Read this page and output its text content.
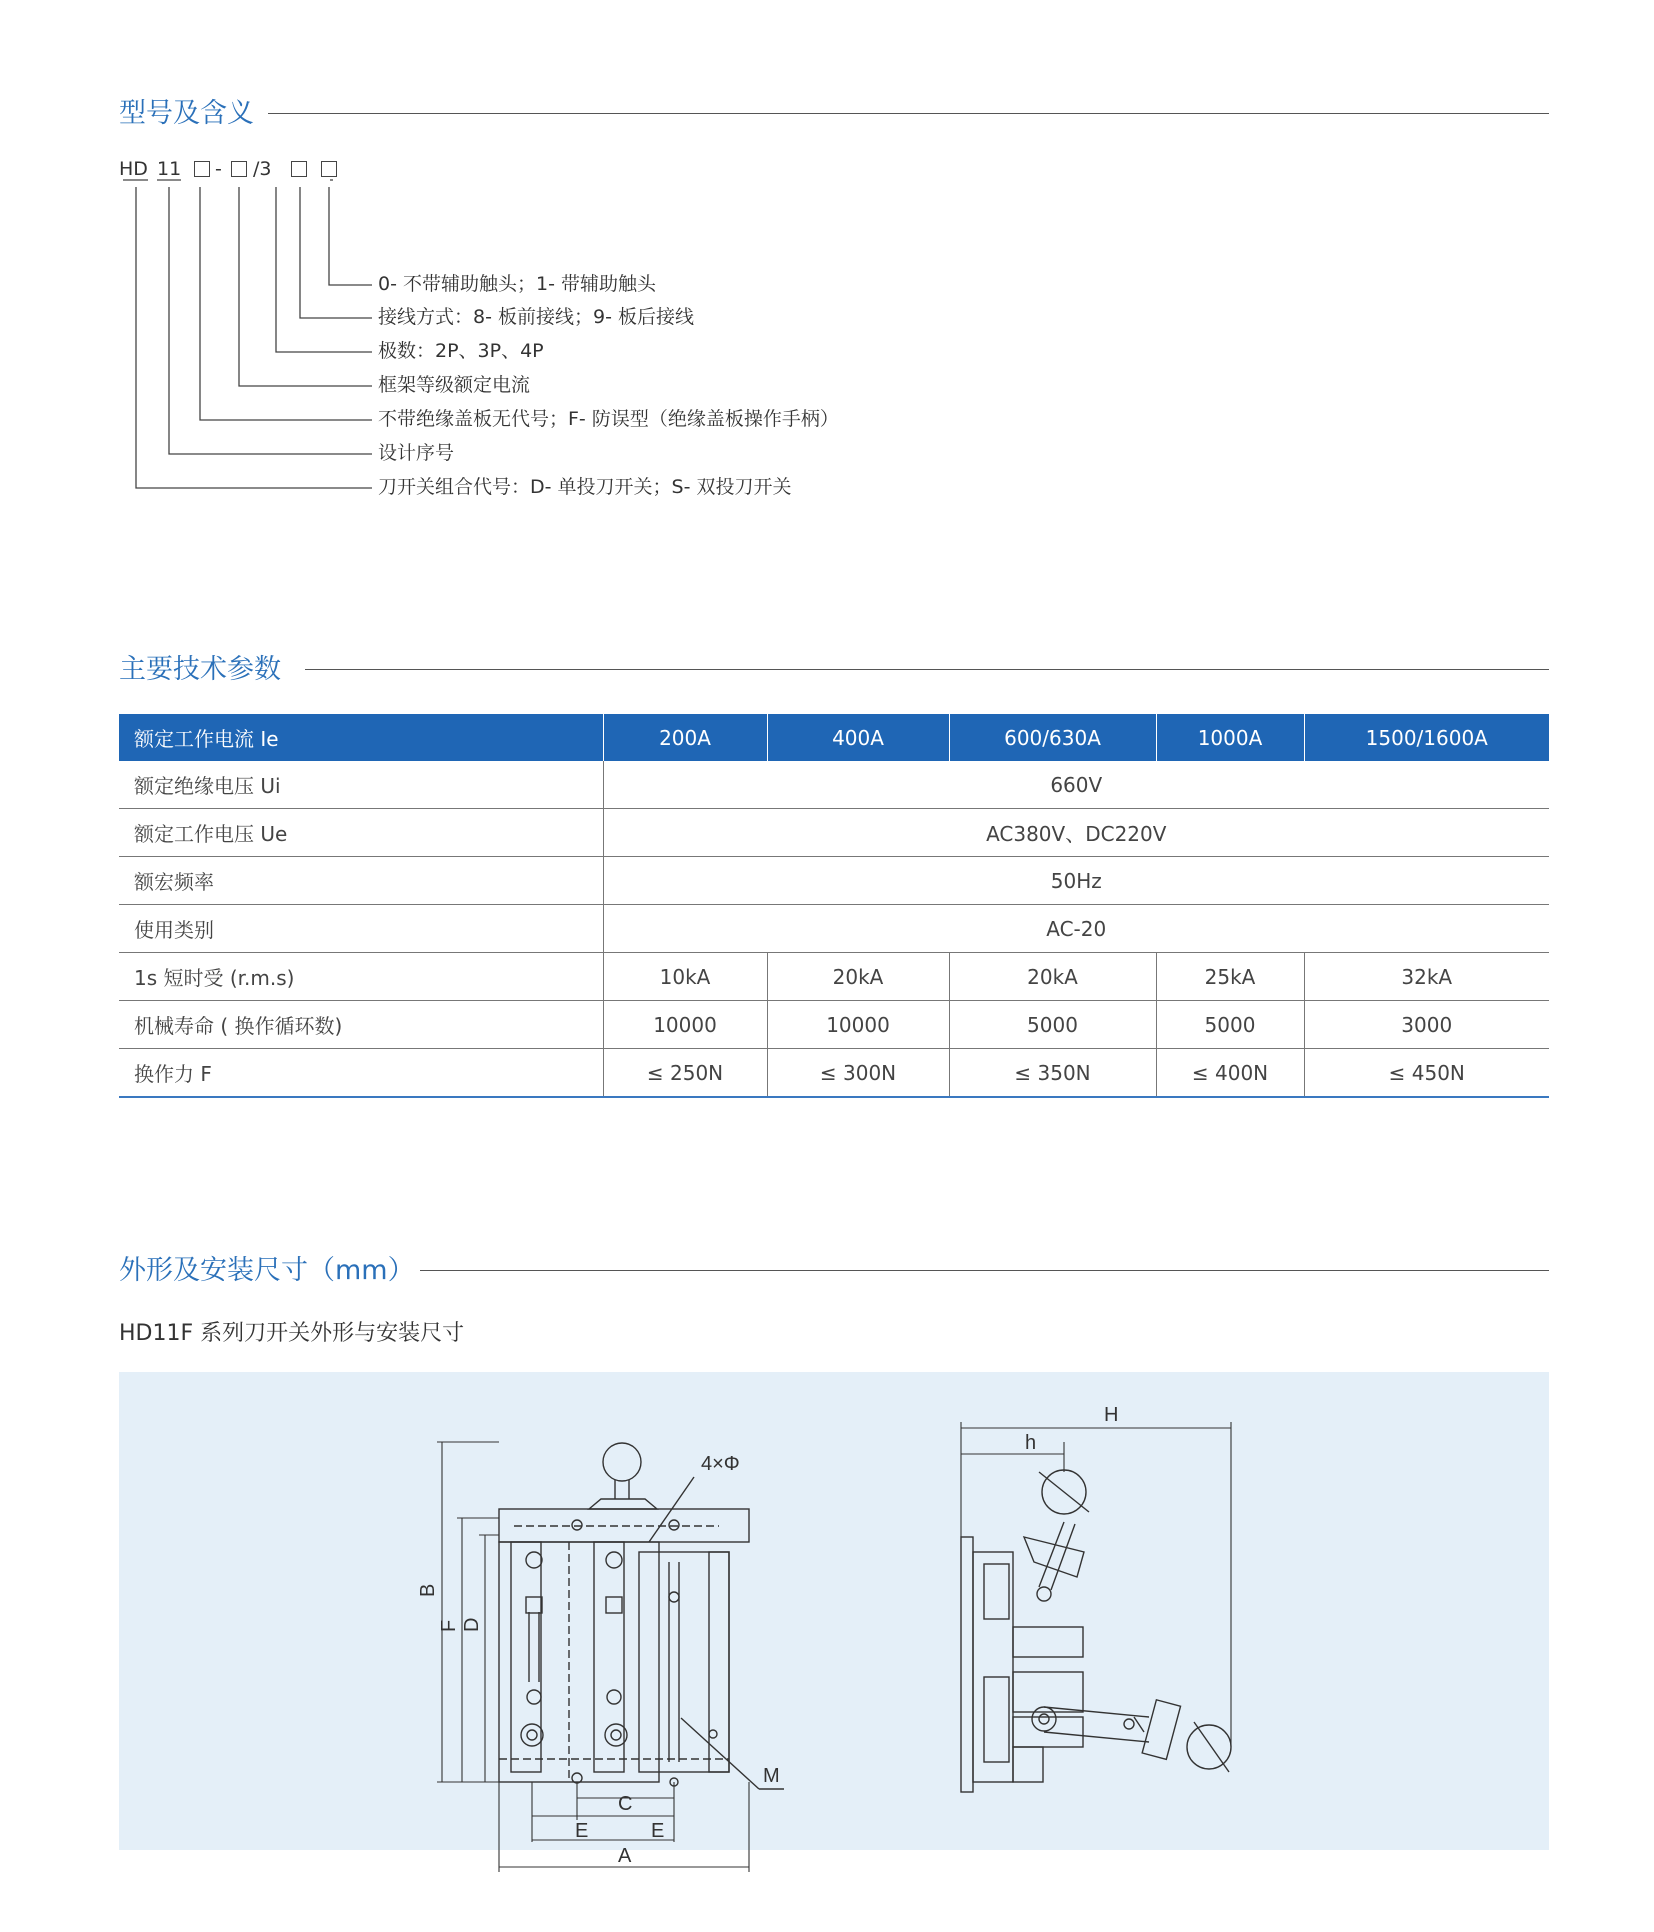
型号及含义
HD 11 - /3
0- 不带辅助触头；1- 带辅助触头
接线方式：8- 板前接线；9- 板后接线
极数：2P、3P、4P
框架等级额定电流
不带绝缘盖板无代号；F- 防误型（绝缘盖板操作手柄）
设计序号
刀开关组合代号：D- 单投刀开关；S- 双投刀开关
主要技术参数
额定工作电流 Ie	200A	400A	600/630A	1000A	1500/1600A
额定绝缘电压 Ui	660V				
额定工作电压 Ue	AC380V、DC220V				
额宏频率	50Hz				
使用类别	AC-20				
1s 短时受 (r.m.s)	10kA	20kA	20kA	25kA	32kA
机械寿命 ( 换作循环数)	10000	10000	5000	5000	3000
换作力 F	≤ 250N	≤ 300N	≤ 350N	≤ 400N	≤ 450N
外形及安装尺寸（mm）
HD11F 系列刀开关外形与安装尺寸
B
F D
4×Φ
M
C
E	E
A
H
h
